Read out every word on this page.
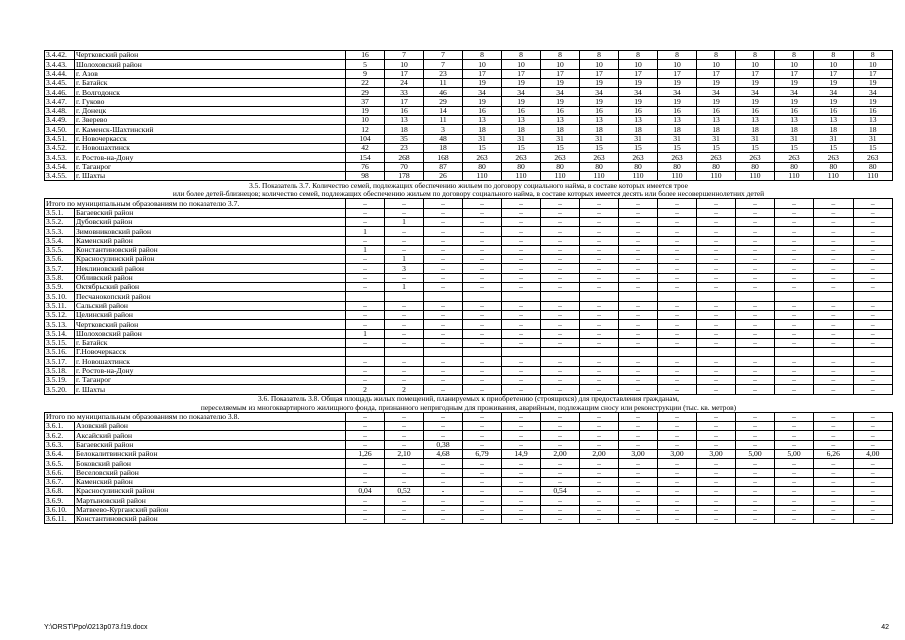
3.4.42.	Чертковский район	16	7	7	8	8	8	8	8	8	8	8	8	8	8
3.4.43.	Шолоховский район	5	10	7	10	10	10	10	10	10	10	10	10	10	10
3.4.44.	г. Азов	9	17	23	17	17	17	17	17	17	17	17	17	17	17
3.4.45.	г. Батайск	22	24	11	19	19	19	19	19	19	19	19	19	19	19
3.4.46.	г. Волгодонск	29	33	46	34	34	34	34	34	34	34	34	34	34	34
3.4.47.	г. Гуково	37	17	29	19	19	19	19	19	19	19	19	19	19	19
3.4.48.	г. Донецк	19	16	14	16	16	16	16	16	16	16	16	16	16	16
3.4.49.	г. Зверево	10	13	11	13	13	13	13	13	13	13	13	13	13	13
3.4.50.	г. Каменск-Шахтинский	12	18	3	18	18	18	18	18	18	18	18	18	18	18
3.4.51.	г. Новочеркасск	104	35	48	31	31	31	31	31	31	31	31	31	31	31
3.4.52.	г. Новошахтинск	42	23	18	15	15	15	15	15	15	15	15	15	15	15
3.4.53.	г. Ростов-на-Дону	154	268	168	263	263	263	263	263	263	263	263	263	263	263
3.4.54.	г. Таганрог	76	70	87	80	80	80	80	80	80	80	80	80	80	80
3.4.55.	г. Шахты	98	178	26	110	110	110	110	110	110	110	110	110	110	110
3.5. Показатель 3.7. Количество семей, подлежащих обеспечению жильем по договору социального найма, в составе которых имеется трое															
или более детей-близнецов; количество семей, подлежащих обеспечению жильем по договору социального найма, в составе которых имеется десять или более несовершеннолетних детей															
Итого по муниципальным образованиям по показателю 3.7.		–	–	–	–	–	–	–	–	–	–	–	–	–	–
3.5.1.	Багаевский район	–	–	–	–	–	–	–	–	–	–	–	–	–	–
3.5.2.	Дубовский район	–	1	–	–	–	–	–	–	–	–	–	–	–	–
3.5.3.	Зимовниковский район	1	–	–	–	–	–	–	–	–	–	–	–	–	–
3.5.4.	Каменский район	–	–	–	–	–	–	–	–	–	–	–	–	–	–
3.5.5.	Константиновский район	1	–	–	–	–	–	–	–	–	–	–	–	–	–
3.5.6.	Красносулинский район	–	1	–	–	–	–	–	–	–	–	–	–	–	–
3.5.7.	Неклиновский район	–	3	–	–	–	–	–	–	–	–	–	–	–	–
3.5.8.	Обливский район	–	–	–	–	–	–	–	–	–	–	–	–	–	–
3.5.9.	Октябрьский район	–	1	–	–	–	–	–	–	–	–	–	–	–	–
3.5.10.	Песчанокопский район														
3.5.11.	Сальский район	–	–	–	–	–	–	–	–	–	–	–	–	–	–
3.5.12.	Целинский район	–	–	–	–	–	–	–	–	–	–	–	–	–	–
3.5.13.	Чертковский район	–	–	–	–	–	–	–	–	–	–	–	–	–	–
3.5.14.	Шолоховский район	1	–	–	–	–	–	–	–	–	–	–	–	–	–
3.5.15.	г. Батайск	–	–	–	–	–	–	–	–	–	–	–	–	–	–
3.5.16.	Г.Новочеркасск														
3.5.17.	г. Новошахтинск	–	–	–	–	–	–	–	–	–	–	–	–	–	–
3.5.18.	г. Ростов-на-Дону	–	–	–	–	–	–	–	–	–	–	–	–	–	–
3.5.19.	г. Таганрог	–	–	–	–	–	–	–	–	–	–	–	–	–	–
3.5.20.	г. Шахты	2	2	–	–	–	–	–	–	–	–	–	–	–	–
3.6. Показатель 3.8. Общая площадь жилых помещений, планируемых к приобретению (строящихся) для предоставления гражданам,															
переселяемым из многоквартирного жилищного фонда, признанного непригодным для проживания, аварийным, подлежащим сносу или реконструкции (тыс. кв. метров)															
Итого по муниципальным образованиям по показателю 3.8.		–	–	–	–	–	–	–	–	–	–	–	–	–	–
3.6.1.	Азовский район	–	–	–	–	–	–	–	–	–	–	–	–	–	–
3.6.2.	Аксайский район	–	–	–	–	–	–	–	–	–	–	–	–	–	–
3.6.3.	Багаевский район	–	–	0,38	–	–	–	–	–	–	–	–	–	–	–
3.6.4.	Белокалитвинский район	1,26	2,10	4,68	6,79	14,9	2,00	2,00	3,00	3,00	3,00	5,00	5,00	6,26	4,00
3.6.5.	Боковский район	–	–	–	–	–	–	–	–	–	–	–	–	–	–
3.6.6.	Веселовский район	–	–	–	–	–	–	–	–	–	–	–	–	–	–
3.6.7.	Каменский район	–	–	–	–	–	–	–	–	–	–	–	–	–	–
3.6.8.	Красносулинский район	0,04	0,52	-	–	–	0,54	–	–	–	–	–	–	–	–
3.6.9.	Мартыновский район	–	–	–	–	–	–	–	–	–	–	–	–	–	–
3.6.10.	Матвеево-Курганский район	–	–	–	–	–	–	–	–	–	–	–	–	–	–
3.6.11.	Константиновский район	–	–	–	–	–	–	–	–	–	–	–	–	–	–
Y:\ORST\Ppo\0213p073.f19.docx	42
